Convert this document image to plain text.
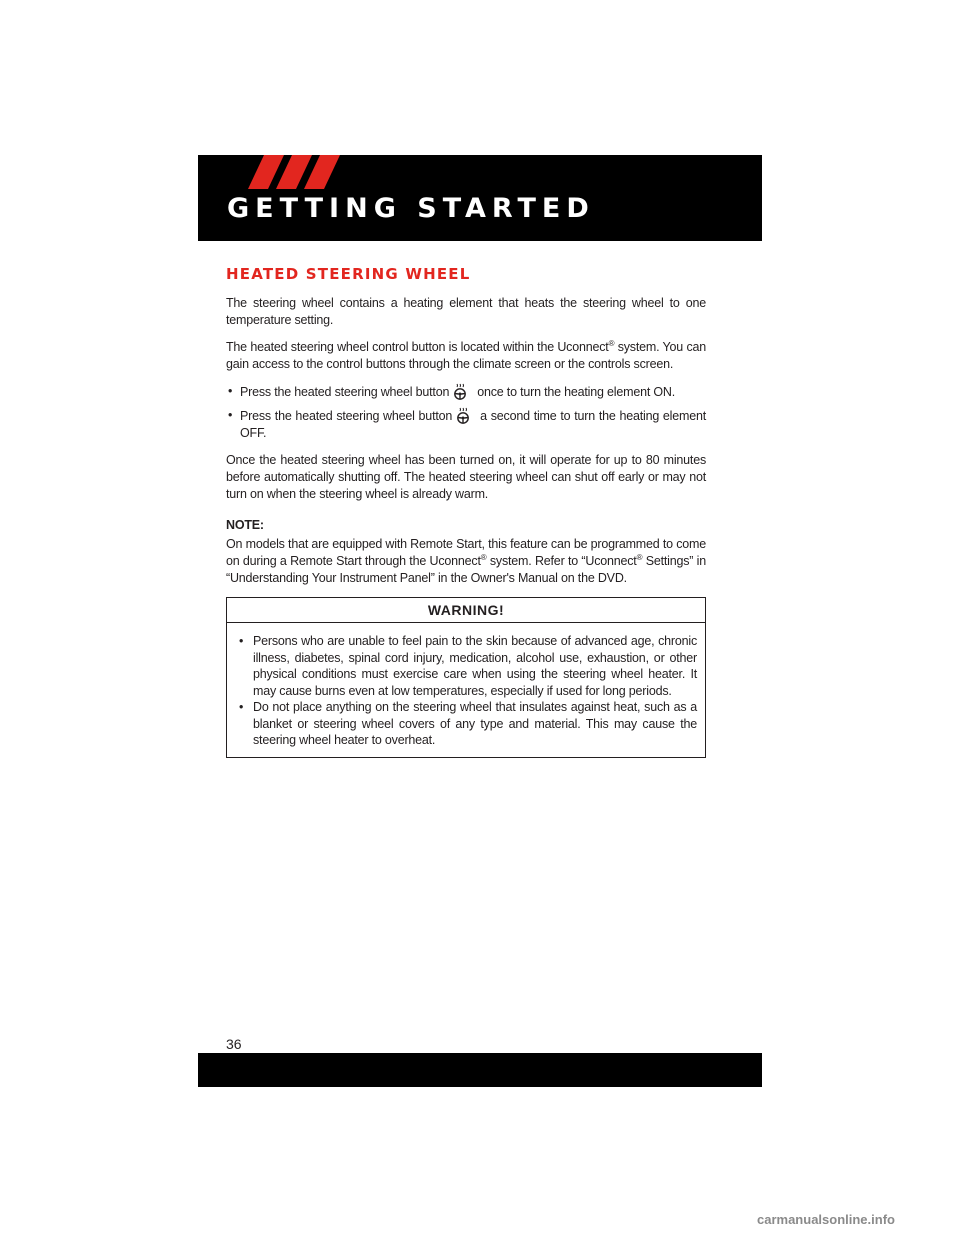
GETTING STARTED
HEATED STEERING WHEEL

The steering wheel contains a heating element that heats the steering wheel to one temperature setting.

The heated steering wheel control button is located within the Uconnect® system. You can gain access to the control buttons through the climate screen or the controls screen.

• Press the heated steering wheel button once to turn the heating element ON.
• Press the heated steering wheel button a second time to turn the heating element OFF.

Once the heated steering wheel has been turned on, it will operate for up to 80 minutes before automatically shutting off. The heated steering wheel can shut off early or may not turn on when the steering wheel is already warm.

NOTE:

On models that are equipped with Remote Start, this feature can be programmed to come on during a Remote Start through the Uconnect® system. Refer to “Uconnect® Settings” in “Understanding Your Instrument Panel” in the Owner's Manual on the DVD.

WARNING!
• Persons who are unable to feel pain to the skin because of advanced age, chronic illness, diabetes, spinal cord injury, medication, alcohol use, exhaustion, or other physical conditions must exercise care when using the steering wheel heater. It may cause burns even at low temperatures, especially if used for long periods.
• Do not place anything on the steering wheel that insulates against heat, such as a blanket or steering wheel covers of any type and material. This may cause the steering wheel heater to overheat.
36
carmanualsonline.info
